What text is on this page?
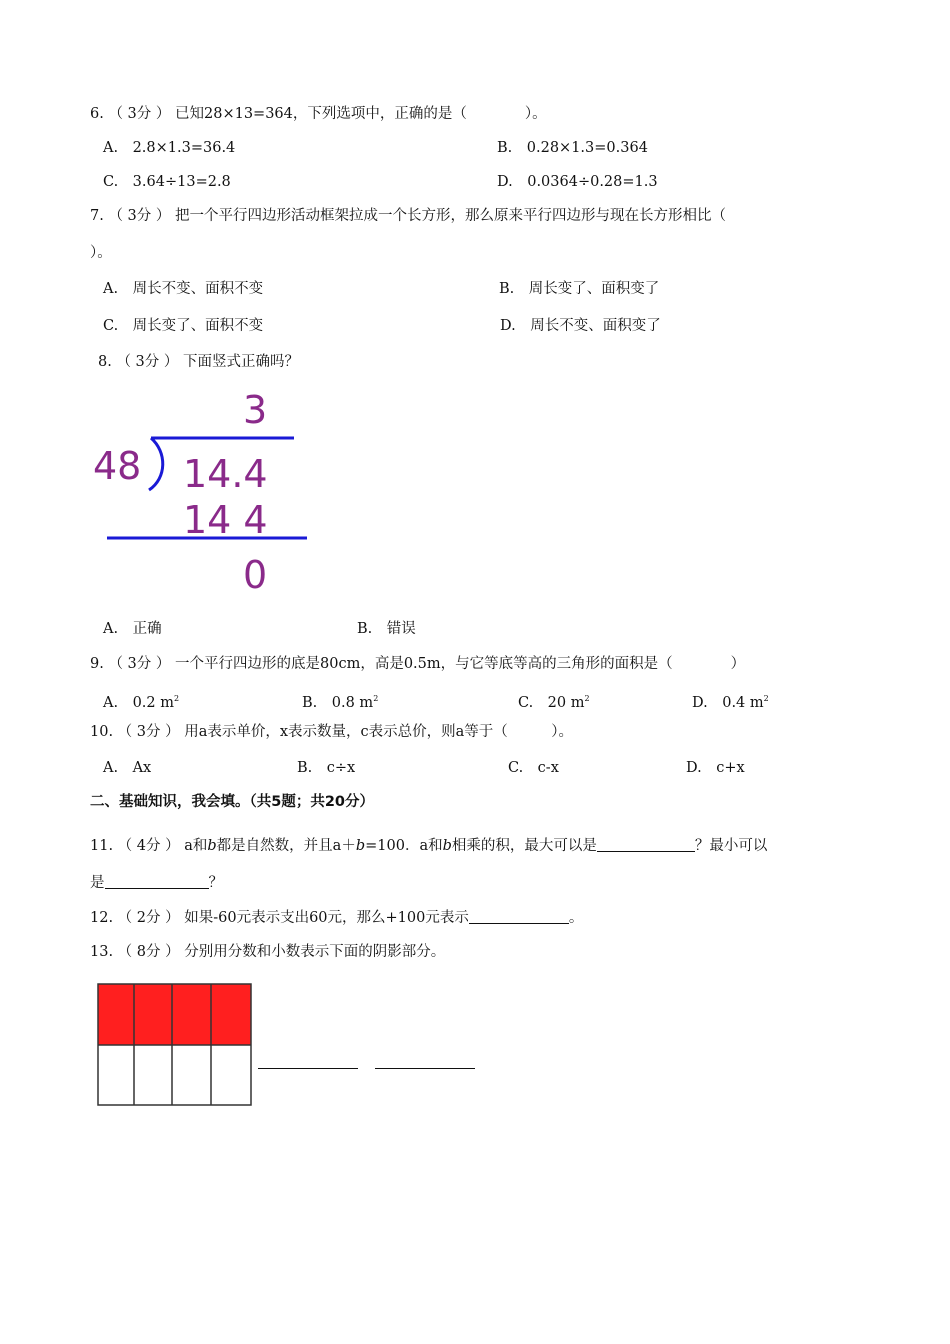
6. （ 3分 ） 已知28×13=364，下列选项中，正确的是（　　　　）。
A.　2.8×1.3=36.4	B.　0.28×1.3=0.364
C.　3.64÷13=2.8	D.　0.0364÷0.28=1.3
7. （ 3分 ） 把一个平行四边形活动框架拉成一个长方形，那么原来平行四边形与现在长方形相比（
）。
A.　周长不变、面积不变	B.　周长变了、面积变了
C.　周长变了、面积不变	D.　周长不变、面积变了
8. （ 3分 ） 下面竖式正确吗？
3
48 14.4
14 4
0
A.　正确	B.　错误
9. （ 3分 ） 一个平行四边形的底是80cm，高是0.5m，与它等底等高的三角形的面积是（　　　　）
A.　0.2 $m^2$	B.　0.8 $m^2$	C.　20 $m^2$	D.　0.4 $m^2$
10. （ 3分 ） 用a表示单价，x表示数量，c表示总价，则a等于（　　　）。
A.　Ax	B.　c÷x	C.　c-x	D.　c+x
二、基础知识，我会填。（共5题；共20分）
11. （ 4分 ） a和b都是自然数，并且a＋b=100．a和b相乘的积，最大可以是	？最小可以
是	？
12. （ 2分 ） 如果-60元表示支出60元，那么+100元表示	。
13. （ 8分 ） 分别用分数和小数表示下面的阴影部分。
